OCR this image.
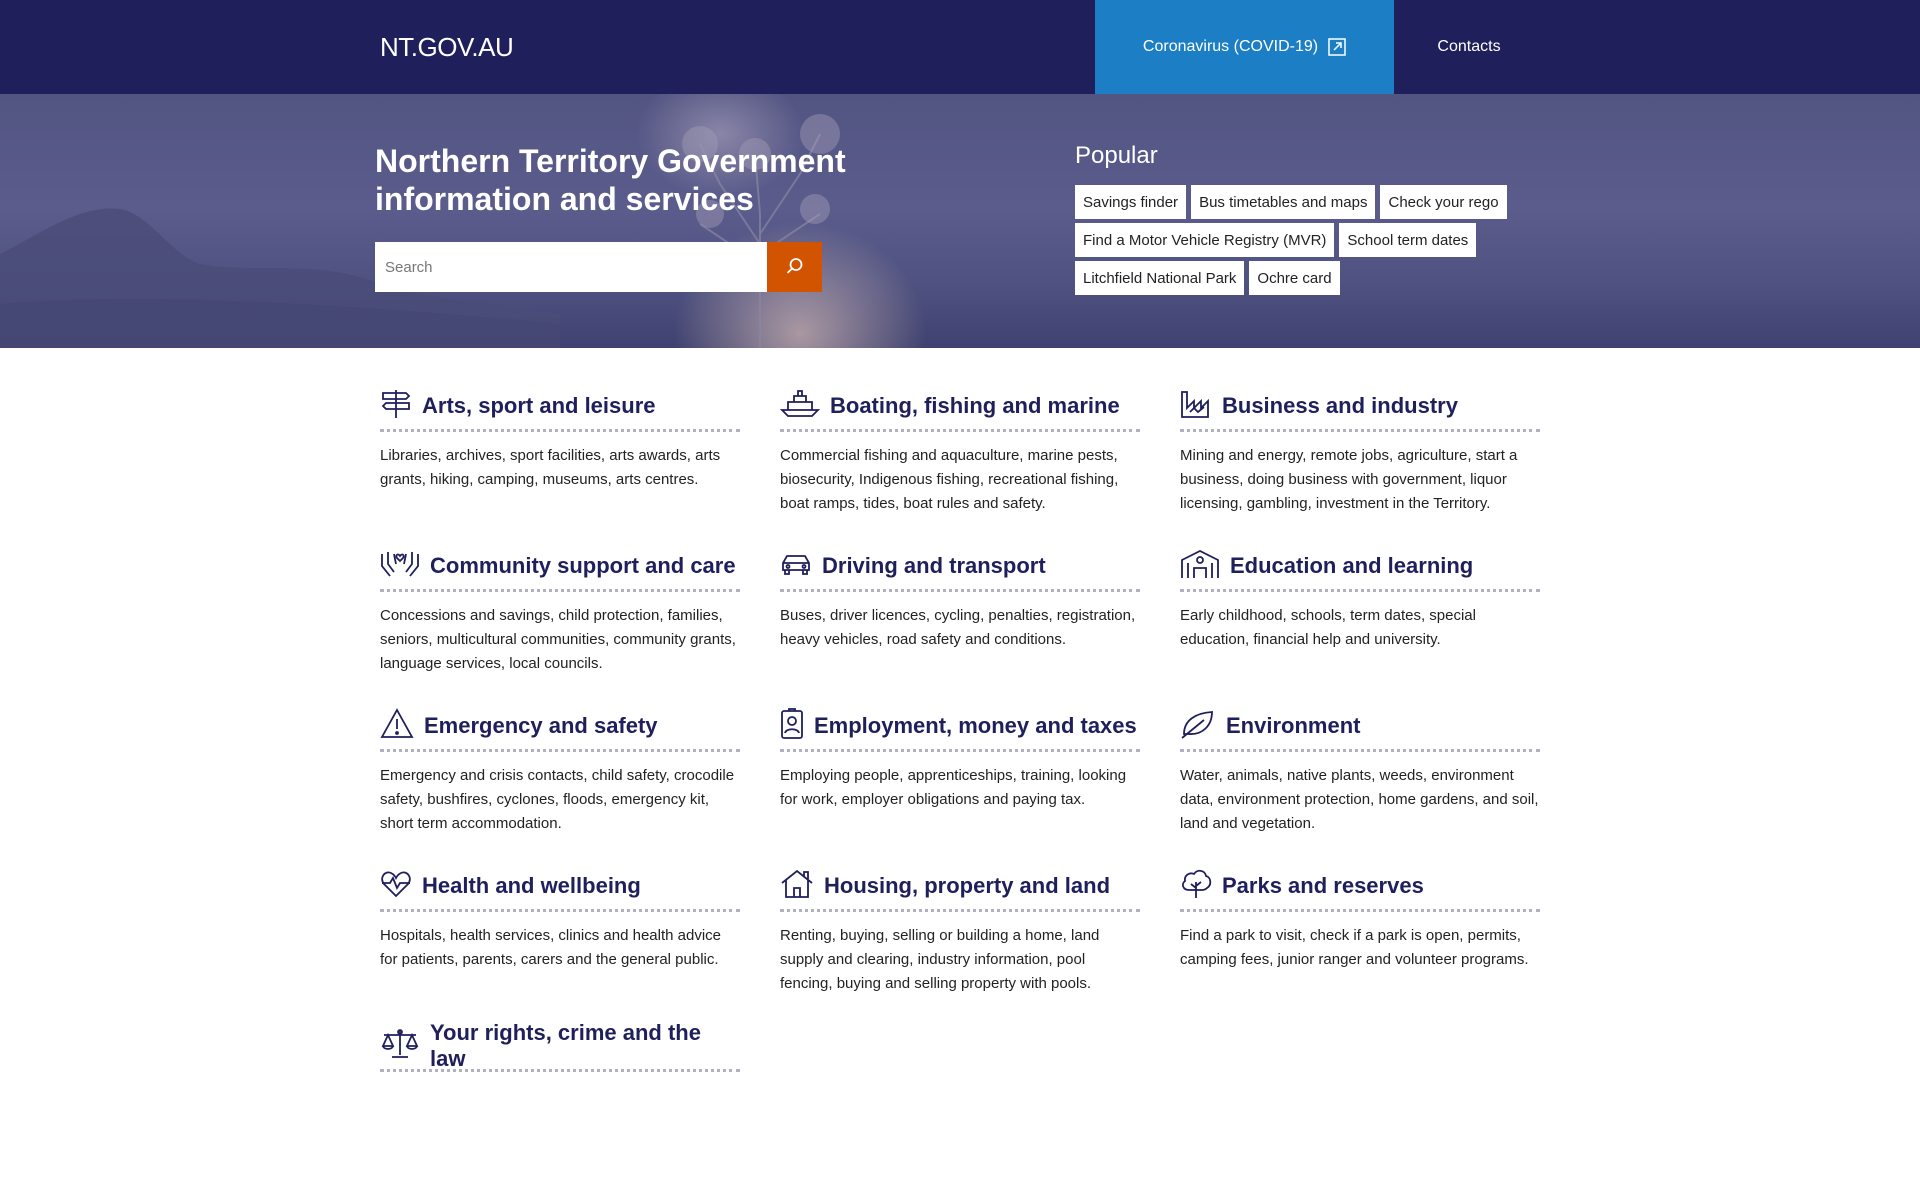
NT.GOV.AU	Coronavirus (COVID-19)	Contacts
Northern Territory Government information and services
Search
Popular
Savings finder	Bus timetables and maps	Check your rego
Find a Motor Vehicle Registry (MVR)	School term dates
Litchfield National Park	Ochre card
Arts, sport and leisure

Libraries, archives, sport facilities, arts awards, arts grants, hiking, camping, museums, arts centres.

Boating, fishing and marine

Commercial fishing and aquaculture, marine pests, biosecurity, Indigenous fishing, recreational fishing, boat ramps, tides, boat rules and safety.

Business and industry

Mining and energy, remote jobs, agriculture, start a business, doing business with government, liquor licensing, gambling, investment in the Territory.

Community support and care

Concessions and savings, child protection, families, seniors, multicultural communities, community grants, language services, local councils.

Driving and transport

Buses, driver licences, cycling, penalties, registration, heavy vehicles, road safety and conditions.

Education and learning

Early childhood, schools, term dates, special education, financial help and university.

Emergency and safety

Emergency and crisis contacts, child safety, crocodile safety, bushfires, cyclones, floods, emergency kit, short term accommodation.

Employment, money and taxes

Employing people, apprenticeships, training, looking for work, employer obligations and paying tax.

Environment

Water, animals, native plants, weeds, environment data, environment protection, home gardens, and soil, land and vegetation.

Health and wellbeing

Hospitals, health services, clinics and health advice for patients, parents, carers and the general public.

Housing, property and land

Renting, buying, selling or building a home, land supply and clearing, industry information, pool fencing, buying and selling property with pools.

Parks and reserves

Find a park to visit, check if a park is open, permits, camping fees, junior ranger and volunteer programs.

Your rights, crime and the law
